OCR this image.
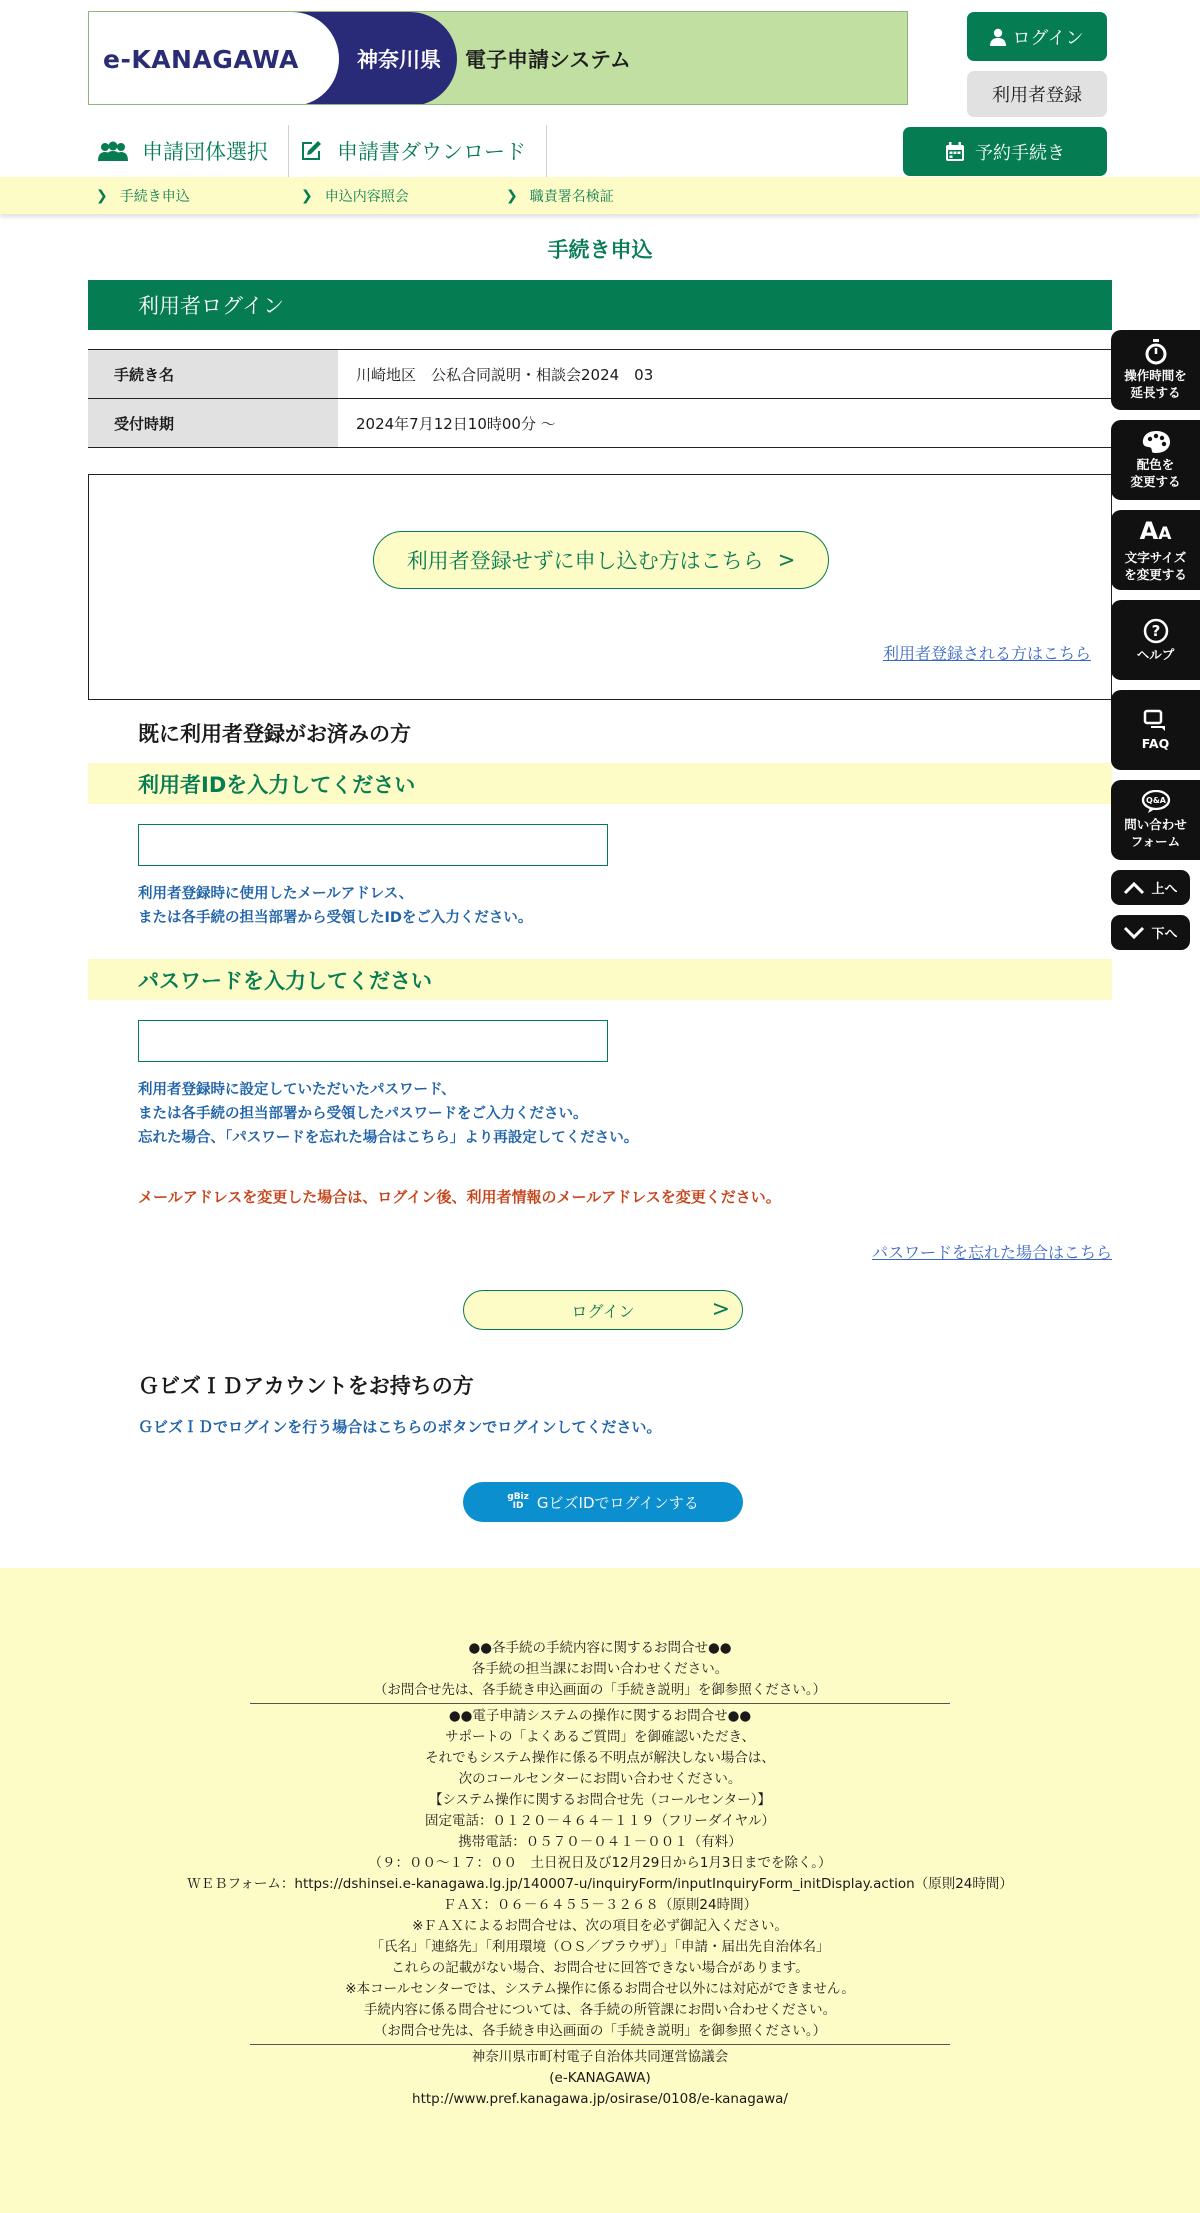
e-KANAGAWA	神奈川県 電子申請システム
ログイン
利用者登録
予約手続き
申請団体選択	申請書ダウンロード
❯ 手続き申込	❯ 申込内容照会	❯ 職責署名検証
手続き申込
利用者ログイン
手続き名	川崎地区　公私合同説明・相談会2024　03
受付時期	2024年7月12日10時00分 〜
利用者登録せずに申し込む方はこちら >
利用者登録される方はこちら
既に利用者登録がお済みの方
利用者IDを入力してください
利用者登録時に使用したメールアドレス、
または各手続の担当部署から受領したIDをご入力ください。
パスワードを入力してください
利用者登録時に設定していただいたパスワード、
または各手続の担当部署から受領したパスワードをご入力ください。
忘れた場合、「パスワードを忘れた場合はこちら」より再設定してください。
メールアドレスを変更した場合は、ログイン後、利用者情報のメールアドレスを変更ください。
パスワードを忘れた場合はこちら
ログイン	>
ＧビズＩＤアカウントをお持ちの方
ＧビズＩＤでログインを行う場合はこちらのボタンでログインしてください。
gBiz
ID GビズIDでログインする
●●各手続の手続内容に関するお問合せ●●
各手続の担当課にお問い合わせください。
（お問合せ先は、各手続き申込画面の「手続き説明」を御参照ください。）
●●電子申請システムの操作に関するお問合せ●●
サポートの「よくあるご質問」を御確認いただき、
それでもシステム操作に係る不明点が解決しない場合は、
次のコールセンターにお問い合わせください。
【システム操作に関するお問合せ先（コールセンター）】
固定電話：０１２０－４６４－１１９（フリーダイヤル）
携帯電話：０５７０－０４１－００１（有料）
（９：００～１７：００　土日祝日及び12月29日から1月3日までを除く。）
ＷＥＢフォーム：https://dshinsei.e-kanagawa.lg.jp/140007-u/inquiryForm/inputInquiryForm_initDisplay.action（原則24時間）
ＦＡＸ：０６－６４５５－３２６８（原則24時間）
※ＦＡＸによるお問合せは、次の項目を必ず御記入ください。
「氏名」「連絡先」「利用環境（ＯＳ／ブラウザ）」「申請・届出先自治体名」
これらの記載がない場合、お問合せに回答できない場合があります。
※本コールセンターでは、システム操作に係るお問合せ以外には対応ができません。
手続内容に係る問合せについては、各手続の所管課にお問い合わせください。
（お問合せ先は、各手続き申込画面の「手続き説明」を御参照ください。）
神奈川県市町村電子自治体共同運営協議会
(e-KANAGAWA)
http://www.pref.kanagawa.jp/osirase/0108/e-kanagawa/
操作時間を
延長する
配色を
変更する
AA
文字サイズ
を変更する
?
ヘルプ
FAQ
Q&A
問い合わせ
フォーム
上へ
下へ
